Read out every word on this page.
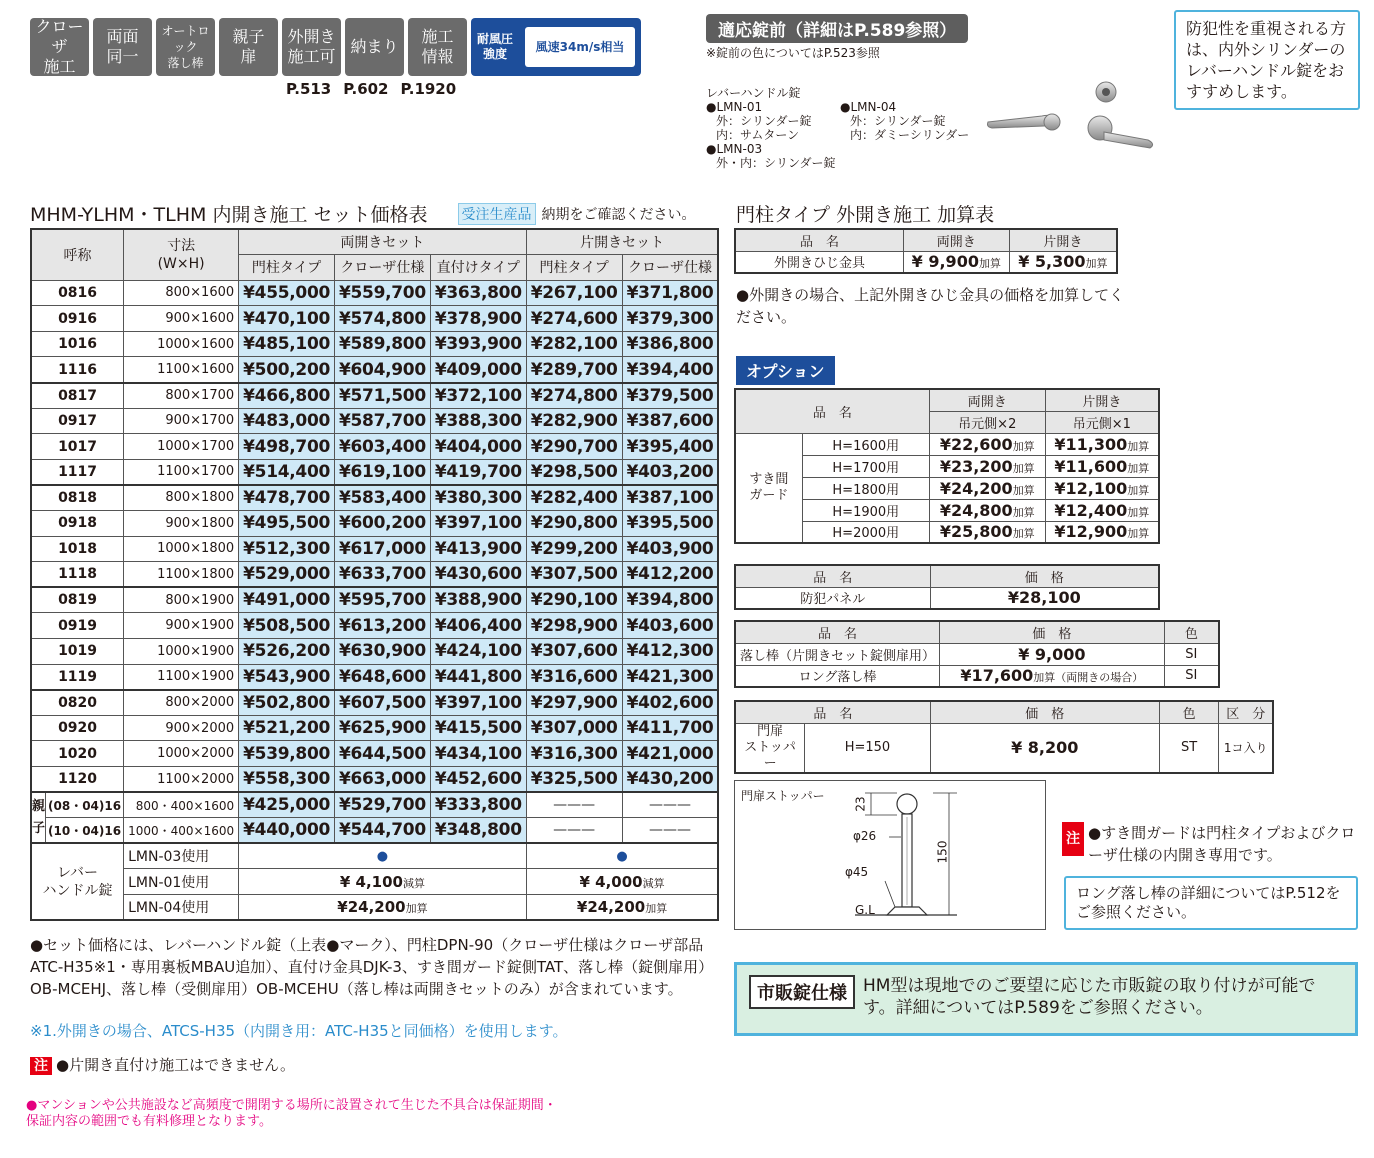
クローザ
施工
両面
同一
オートロック
落し棒
親子
扉
外開き
施工可
納まり
施工
情報
耐風圧
強度	風速34m/s相当
P.513 P.602 P.1920
適応錠前（詳細はP.589参照）
※錠前の色についてはP.523参照
レバーハンドル錠
●LMN-01
外：シリンダー錠
内：サムターン
●LMN-03
外・内：シリンダー錠
●LMN-04
外：シリンダー錠
内：ダミーシリンダー
防犯性を重視される方は、内外シリンダーのレバーハンドル錠をおすすめします。
MHM-YLHM・TLHM 内開き施工 セット価格表 受注生産品 納期をご確認ください。
呼称		寸法
(W×H)	両開きセット			片開きセット	
			門柱タイプ	クローザ仕様	直付けタイプ	門柱タイプ	クローザ仕様
0816		800×1600	¥455,000	¥559,700	¥363,800	¥267,100	¥371,800
0916		900×1600	¥470,100	¥574,800	¥378,900	¥274,600	¥379,300
1016		1000×1600	¥485,100	¥589,800	¥393,900	¥282,100	¥386,800
1116		1100×1600	¥500,200	¥604,900	¥409,000	¥289,700	¥394,400
0817		800×1700	¥466,800	¥571,500	¥372,100	¥274,800	¥379,500
0917		900×1700	¥483,000	¥587,700	¥388,300	¥282,900	¥387,600
1017		1000×1700	¥498,700	¥603,400	¥404,000	¥290,700	¥395,400
1117		1100×1700	¥514,400	¥619,100	¥419,700	¥298,500	¥403,200
0818		800×1800	¥478,700	¥583,400	¥380,300	¥282,400	¥387,100
0918		900×1800	¥495,500	¥600,200	¥397,100	¥290,800	¥395,500
1018		1000×1800	¥512,300	¥617,000	¥413,900	¥299,200	¥403,900
1118		1100×1800	¥529,000	¥633,700	¥430,600	¥307,500	¥412,200
0819		800×1900	¥491,000	¥595,700	¥388,900	¥290,100	¥394,800
0919		900×1900	¥508,500	¥613,200	¥406,400	¥298,900	¥403,600
1019		1000×1900	¥526,200	¥630,900	¥424,100	¥307,600	¥412,300
1119		1100×1900	¥543,900	¥648,600	¥441,800	¥316,600	¥421,300
0820		800×2000	¥502,800	¥607,500	¥397,100	¥297,900	¥402,600
0920		900×2000	¥521,200	¥625,900	¥415,500	¥307,000	¥411,700
1020		1000×2000	¥539,800	¥644,500	¥434,100	¥316,300	¥421,000
1120		1100×2000	¥558,300	¥663,000	¥452,600	¥325,500	¥430,200
親子	(08・04)16	800・400×1600	¥425,000	¥529,700	¥333,800	———	———
	(10・04)16	1000・400×1600	¥440,000	¥544,700	¥348,800	———	———
レバー
ハンドル錠		LMN-03使用	●			●	
		LMN-01使用	¥ 4,100減算			¥ 4,000減算	
		LMN-04使用	¥24,200加算			¥24,200加算	
●セット価格には、レバーハンドル錠（上表●マーク）、門柱DPN-90（クローザ仕様はクローザ部品ATC-H35※1・専用裏板MBAU追加）、直付け金具DJK-3、すき間ガード錠側TAT、落し棒（錠側扉用）OB-MCEHJ、落し棒（受側扉用）OB-MCEHU（落し棒は両開きセットのみ）が含まれています。
※1.外開きの場合、ATCS-H35（内開き用：ATC-H35と同価格）を使用します。
注 ●片開き直付け施工はできません。
●マンションや公共施設など高頻度で開閉する場所に設置されて生じた不具合は保証期間・保証内容の範囲でも有料修理となります。
門柱タイプ 外開き施工 加算表
品　名	両開き	片開き
外開きひじ金具	¥ 9,900加算	¥ 5,300加算
●外開きの場合、上記外開きひじ金具の価格を加算してください。
オプション
品　名		両開き	片開き
		吊元側×2	吊元側×1
すき間
ガード	H=1600用	¥22,600加算	¥11,300加算
	H=1700用	¥23,200加算	¥11,600加算
	H=1800用	¥24,200加算	¥12,100加算
	H=1900用	¥24,800加算	¥12,400加算
	H=2000用	¥25,800加算	¥12,900加算
品　名	価　格
防犯パネル	¥28,100
品　名	価　格	色
落し棒（片開きセット錠側扉用）	¥ 9,000	SI
ロング落し棒	¥17,600加算（両開きの場合）	SI
品　名		価　格	色	区　分
門扉
ストッパー	H=150	¥ 8,200	ST	1コ入り
門扉ストッパー
23
φ26
φ45
150
G.L
注 ●すき間ガードは門柱タイプおよびクローザ仕様の内開き専用です。
ロング落し棒の詳細についてはP.512をご参照ください。
市販錠仕様 HM型は現地でのご要望に応じた市販錠の取り付けが可能です。詳細についてはP.589をご参照ください。
